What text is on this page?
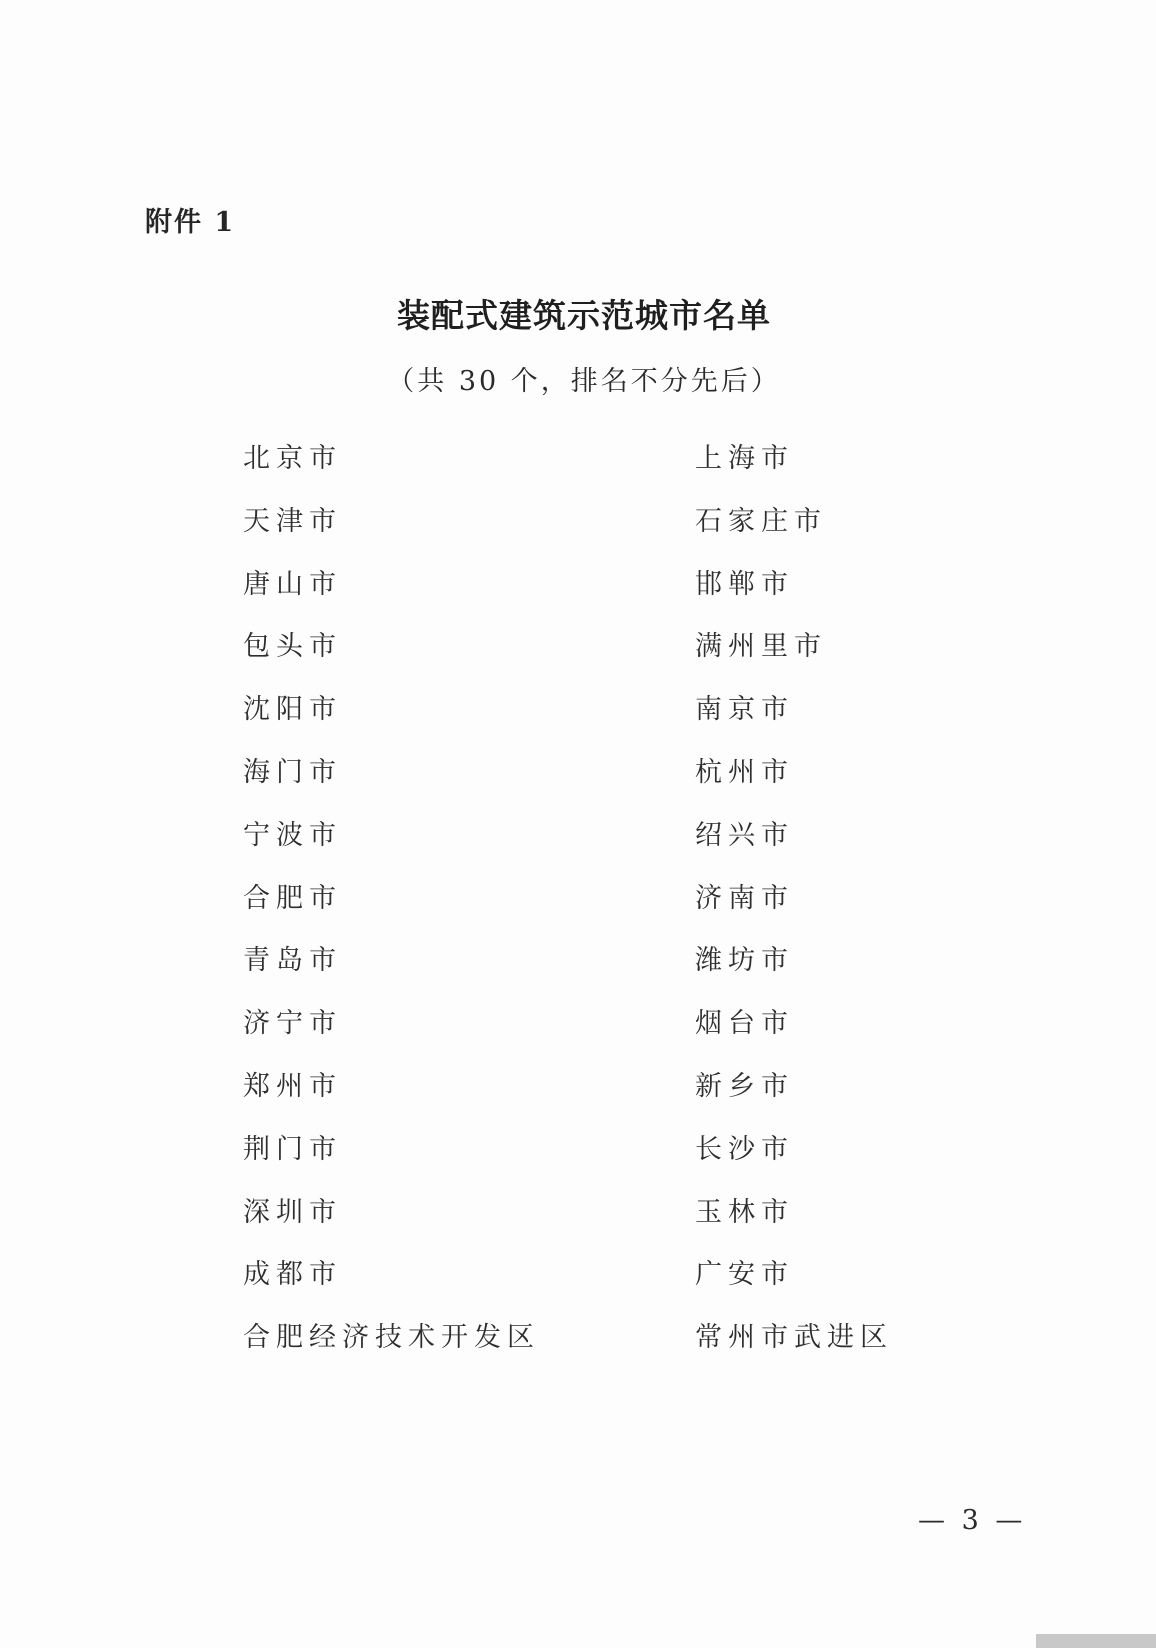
附件 1
装配式建筑示范城市名单
（共 30 个，排名不分先后）
北京市	上海市
天津市	石家庄市
唐山市	邯郸市
包头市	满州里市
沈阳市	南京市
海门市	杭州市
宁波市	绍兴市
合肥市	济南市
青岛市	潍坊市
济宁市	烟台市
郑州市	新乡市
荆门市	长沙市
深圳市	玉林市
成都市	广安市
合肥经济技术开发区	常州市武进区
— 3 —
